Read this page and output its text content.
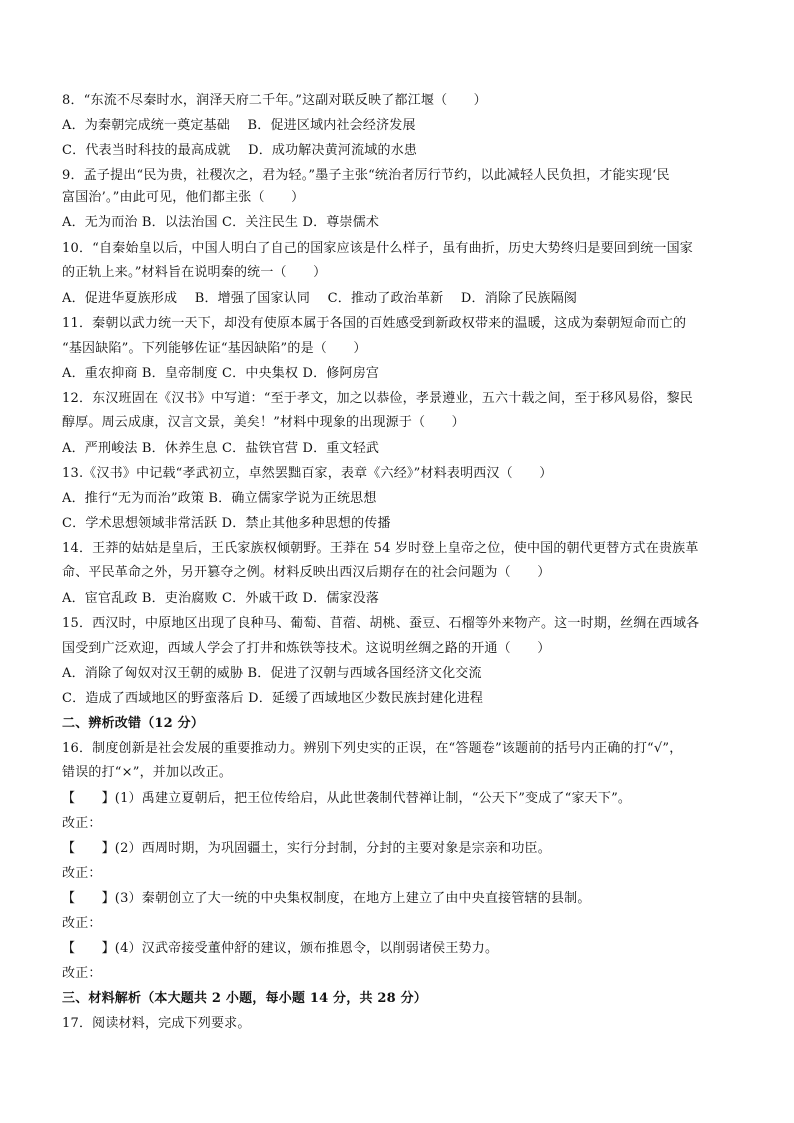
8．“东流不尽秦时水，润泽天府二千年。”这副对联反映了都江堰（　　）
A．为秦朝完成统一奠定基础　 B．促进区域内社会经济发展
C．代表当时科技的最高成就　 D．成功解决黄河流域的水患
9．孟子提出“民为贵，社稷次之，君为轻。”墨子主张“统治者厉行节约，以此减轻人民负担，才能实现‘民
富国治’。”由此可见，他们都主张（　　）
A．无为而治 B．以法治国 C．关注民生 D．尊崇儒术
10．“自秦始皇以后，中国人明白了自己的国家应该是什么样子，虽有曲折，历史大势终归是要回到统一国家
的正轨上来。”材料旨在说明秦的统一（　　）
A．促进华夏族形成　 B．增强了国家认同　 C．推动了政治革新　 D．消除了民族隔阂
11．秦朝以武力统一天下，却没有使原本属于各国的百姓感受到新政权带来的温暖，这成为秦朝短命而亡的
“基因缺陷”。下列能够佐证“基因缺陷”的是（　　）
A．重农抑商 B．皇帝制度 C．中央集权 D．修阿房宫
12．东汉班固在《汉书》中写道：“至于孝文，加之以恭俭，孝景遵业，五六十载之间，至于移风易俗，黎民
醇厚。周云成康，汉言文景，美矣！”材料中现象的出现源于（　　）
A．严刑峻法 B．休养生息 C．盐铁官营 D．重文轻武
13.《汉书》中记载“孝武初立，卓然罢黜百家，表章《六经》”材料表明西汉（　　）
A．推行“无为而治”政策 B．确立儒家学说为正统思想
C．学术思想领域非常活跃 D．禁止其他多种思想的传播
14．王莽的姑姑是皇后，王氏家族权倾朝野。王莽在 54 岁时登上皇帝之位，使中国的朝代更替方式在贵族革
命、平民革命之外，另开篡夺之例。材料反映出西汉后期存在的社会问题为（　　）
A．宦官乱政 B．吏治腐败 C．外戚干政 D．儒家没落
15．西汉时，中原地区出现了良种马、葡萄、苜蓿、胡桃、蚕豆、石榴等外来物产。这一时期，丝绸在西域各
国受到广泛欢迎，西域人学会了打井和炼铁等技术。这说明丝绸之路的开通（　　）
A．消除了匈奴对汉王朝的威胁 B．促进了汉朝与西域各国经济文化交流
C．造成了西域地区的野蛮落后 D．延缓了西域地区少数民族封建化进程
二、辨析改错（12 分）
16．制度创新是社会发展的重要推动力。辨别下列史实的正误，在“答题卷”该题前的括号内正确的打“√”，
错误的打“×”，并加以改正。
【　　】(1）禹建立夏朝后，把王位传给启，从此世袭制代替禅让制，“公天下”变成了“家天下”。
改正：
【　　】(2）西周时期，为巩固疆土，实行分封制，分封的主要对象是宗亲和功臣。
改正：
【　　】(3）秦朝创立了大一统的中央集权制度，在地方上建立了由中央直接管辖的县制。
改正：
【　　】(4）汉武帝接受董仲舒的建议，颁布推恩令，以削弱诸侯王势力。
改正：
三、材料解析（本大题共 2 小题，每小题 14 分，共 28 分）
17．阅读材料，完成下列要求。
